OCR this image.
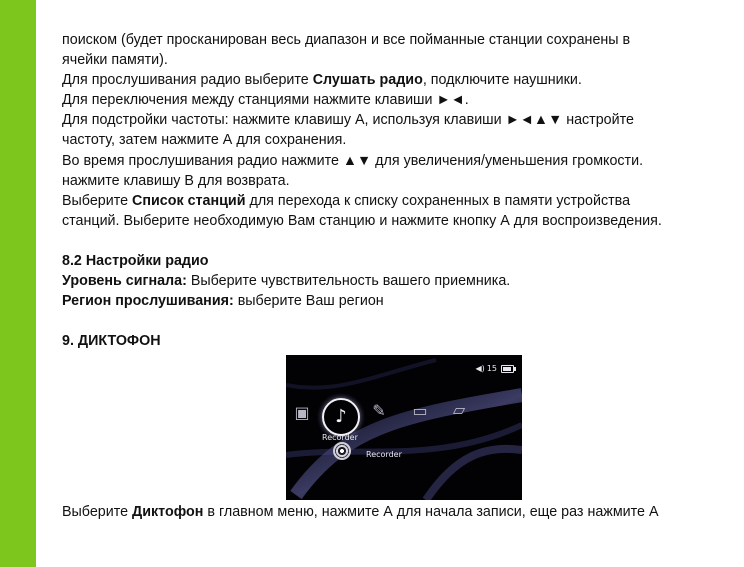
поиском (будет просканирован весь диапазон и все пойманные станции сохранены в
ячейки памяти).
Для прослушивания радио выберите Слушать радио, подключите наушники.
Для переключения между станциями нажмите клавиши ►◄.
Для подстройки частоты: нажмите клавишу А, используя клавиши ►◄▲▼ настройте
частоту, затем нажмите А для сохранения.
Во время прослушивания радио нажмите ▲▼ для увеличения/уменьшения громкости.
нажмите клавишу В для возврата.
Выберите Список станций для перехода к списку сохраненных в памяти устройства
станций. Выберите необходимую Вам станцию и нажмите кнопку А для воспроизведения.
8.2 Настройки радио
Уровень сигнала: Выберите чувствительность вашего приемника.
Регион прослушивания: выберите Ваш регион
9. ДИКТОФОН
◀) 15
▣	♪	✎ ▭	▱
Recorder
Recorder
Выберите Диктофон в главном меню, нажмите А для начала записи, еще раз нажмите А
